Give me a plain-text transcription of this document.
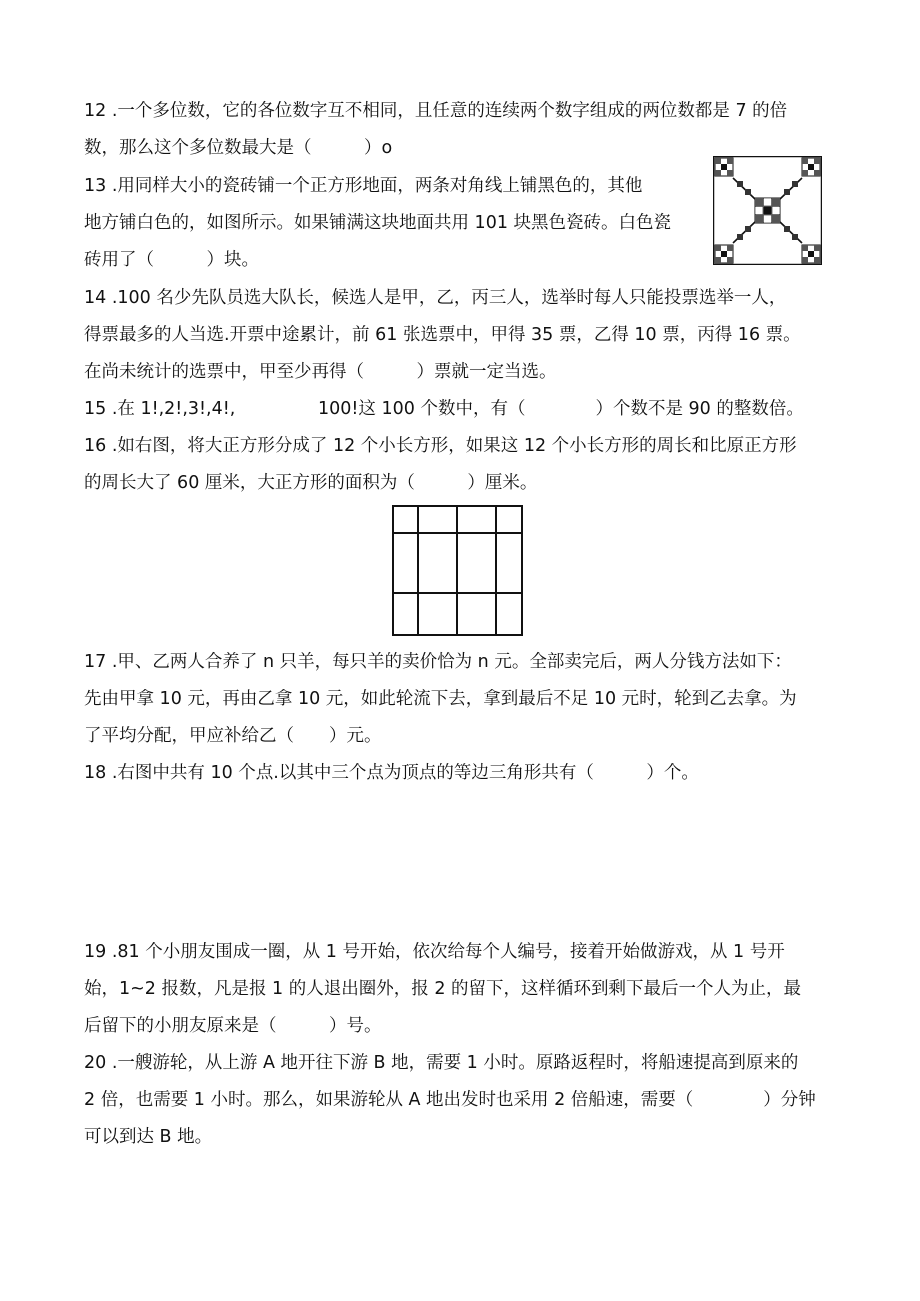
12 .一个多位数，它的各位数字互不相同，且任意的连续两个数字组成的两位数都是 7 的倍
数，那么这个多位数最大是（　　　）o
13 .用同样大小的瓷砖铺一个正方形地面，两条对角线上铺黑色的，其他
地方铺白色的，如图所示。如果铺满这块地面共用 101 块黑色瓷砖。白色瓷
砖用了（　　　）块。
14 .100 名少先队员选大队长，候选人是甲，乙，丙三人，选举时每人只能投票选举一人，
得票最多的人当选.开票中途累计，前 61 张选票中，甲得 35 票，乙得 10 票，丙得 16 票。
在尚未统计的选票中，甲至少再得（　　　）票就一定当选。
15 .在 1!,2!,3!,4!,	100!这 100 个数中，有（　　　　）个数不是 90 的整数倍。
16 .如右图，将大正方形分成了 12 个小长方形，如果这 12 个小长方形的周长和比原正方形
的周长大了 60 厘米，大正方形的面积为（　　　）厘米。
17 .甲、乙两人合养了 n 只羊，每只羊的卖价恰为 n 元。全部卖完后，两人分钱方法如下：
先由甲拿 10 元，再由乙拿 10 元，如此轮流下去，拿到最后不足 10 元时，轮到乙去拿。为
了平均分配，甲应补给乙（　　）元。
18 .右图中共有 10 个点.以其中三个点为顶点的等边三角形共有（　　　）个。
19 .81 个小朋友围成一圈，从 1 号开始，依次给每个人编号，接着开始做游戏，从 1 号开
始，1~2 报数，凡是报 1 的人退出圈外，报 2 的留下，这样循环到剩下最后一个人为止，最
后留下的小朋友原来是（　　　）号。
20 .一艘游轮，从上游 A 地开往下游 B 地，需要 1 小时。原路返程时，将船速提高到原来的
2 倍，也需要 1 小时。那么，如果游轮从 A 地出发时也采用 2 倍船速，需要（　　　　）分钟
可以到达 B 地。
